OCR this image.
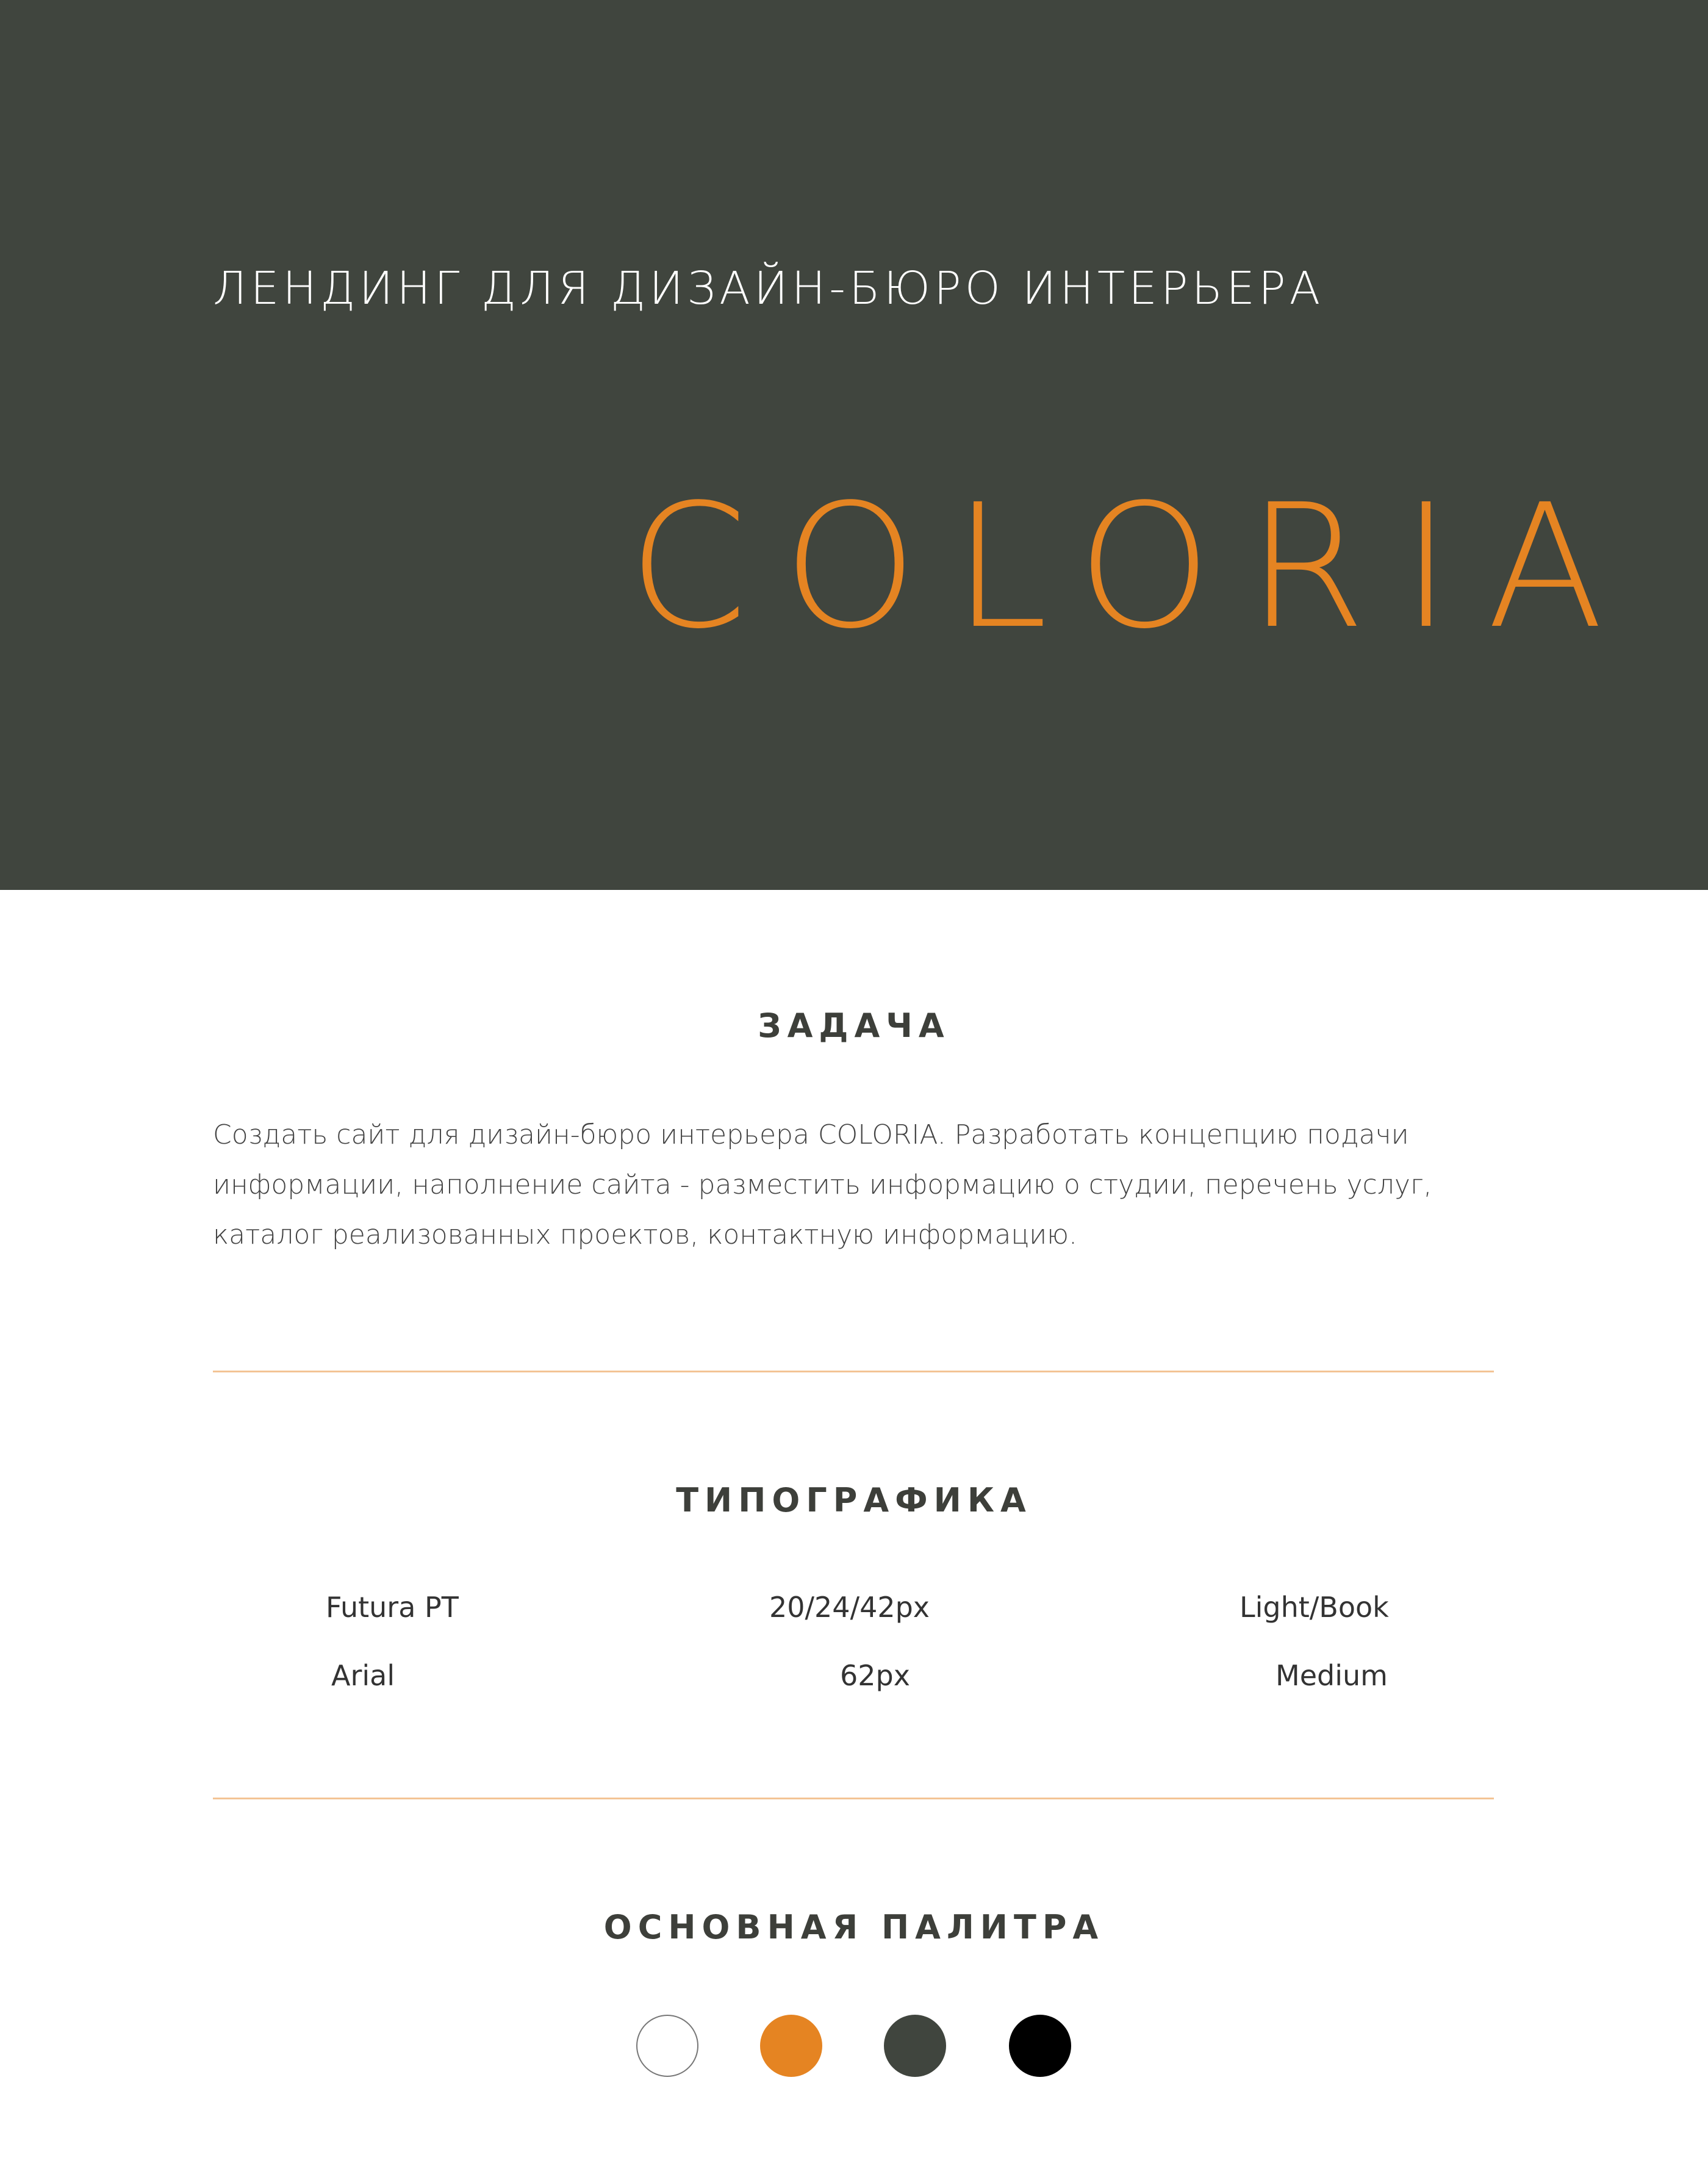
ЛЕНДИНГ ДЛЯ ДИЗАЙН-БЮРО ИНТЕРЬЕРА
COLORIA
ЗАДАЧА
Создать сайт для дизайн-бюро интерьера COLORIA. Разработать концепцию подачи информации, наполнение сайта - разместить информацию о студии, перечень услуг, каталог реализованных проектов, контактную информацию.
ТИПОГРАФИКА
Futura PT	20/24/42px	Light/Book
Arial	62px	Medium
ОСНОВНАЯ ПАЛИТРА
